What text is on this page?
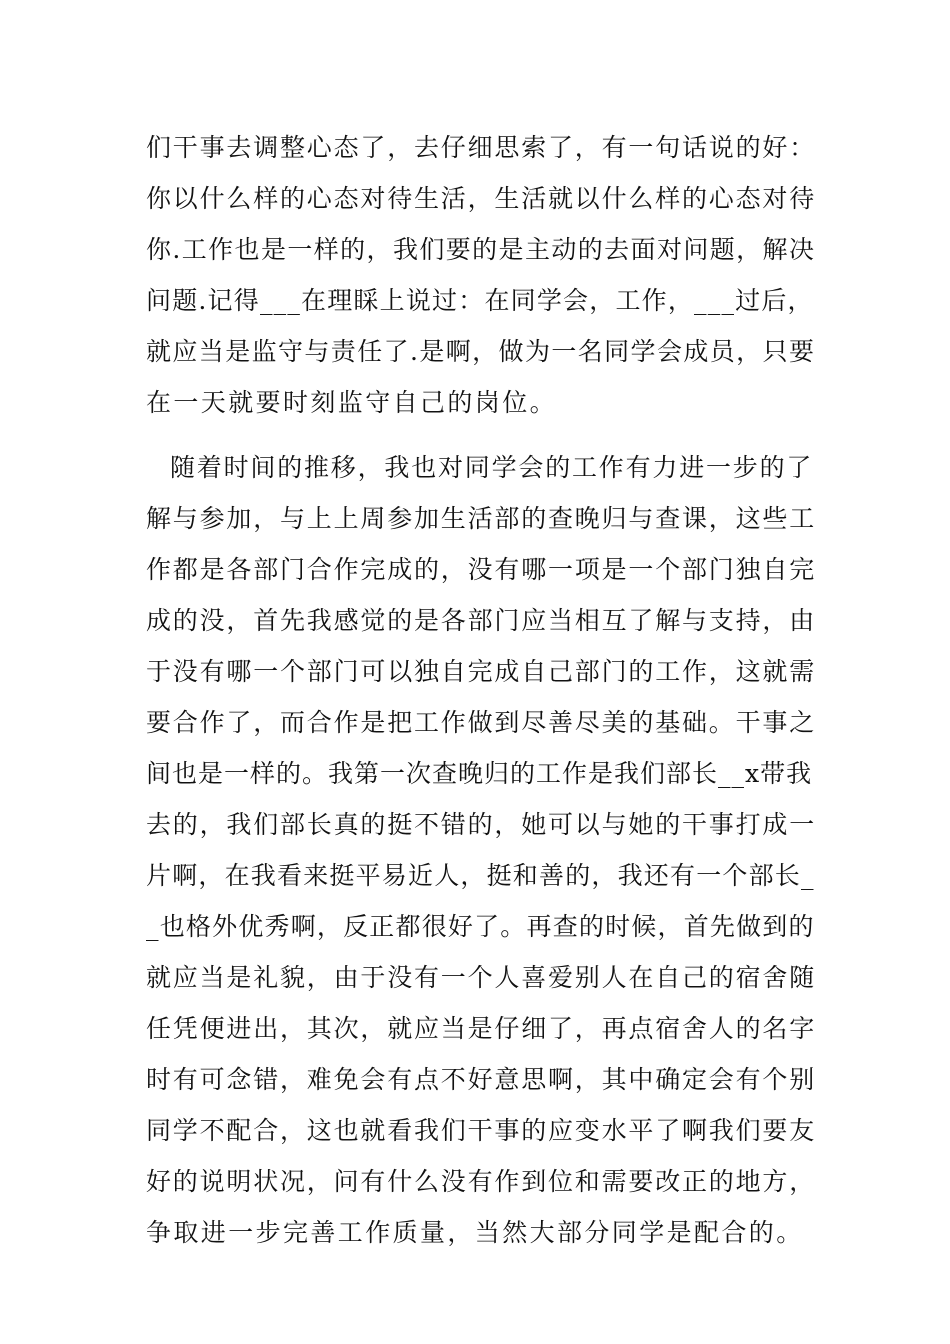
们干事去调整心态了，去仔细思索了，有一句话说的好：
你以什么样的心态对待生活，生活就以什么样的心态对待
你.工作也是一样的，我们要的是主动的去面对问题，解决
问题.记得___在理睬上说过：在同学会，工作，___过后，
就应当是监守与责任了.是啊，做为一名同学会成员，只要
在一天就要时刻监守自己的岗位。
随着时间的推移，我也对同学会的工作有力进一步的了
解与参加，与上上周参加生活部的查晚归与查课，这些工
作都是各部门合作完成的，没有哪一项是一个部门独自完
成的没，首先我感觉的是各部门应当相互了解与支持，由
于没有哪一个部门可以独自完成自己部门的工作，这就需
要合作了，而合作是把工作做到尽善尽美的基础。干事之
间也是一样的。我第一次查晚归的工作是我们部长__x带我
去的，我们部长真的挺不错的，她可以与她的干事打成一
片啊，在我看来挺平易近人，挺和善的，我还有一个部长_
_也格外优秀啊，反正都很好了。再查的时候，首先做到的
就应当是礼貌，由于没有一个人喜爱别人在自己的宿舍随
任凭便进出，其次，就应当是仔细了，再点宿舍人的名字
时有可念错，难免会有点不好意思啊，其中确定会有个别
同学不配合，这也就看我们干事的应变水平了啊我们要友
好的说明状况，问有什么没有作到位和需要改正的地方，
争取进一步完善工作质量，当然大部分同学是配合的。
